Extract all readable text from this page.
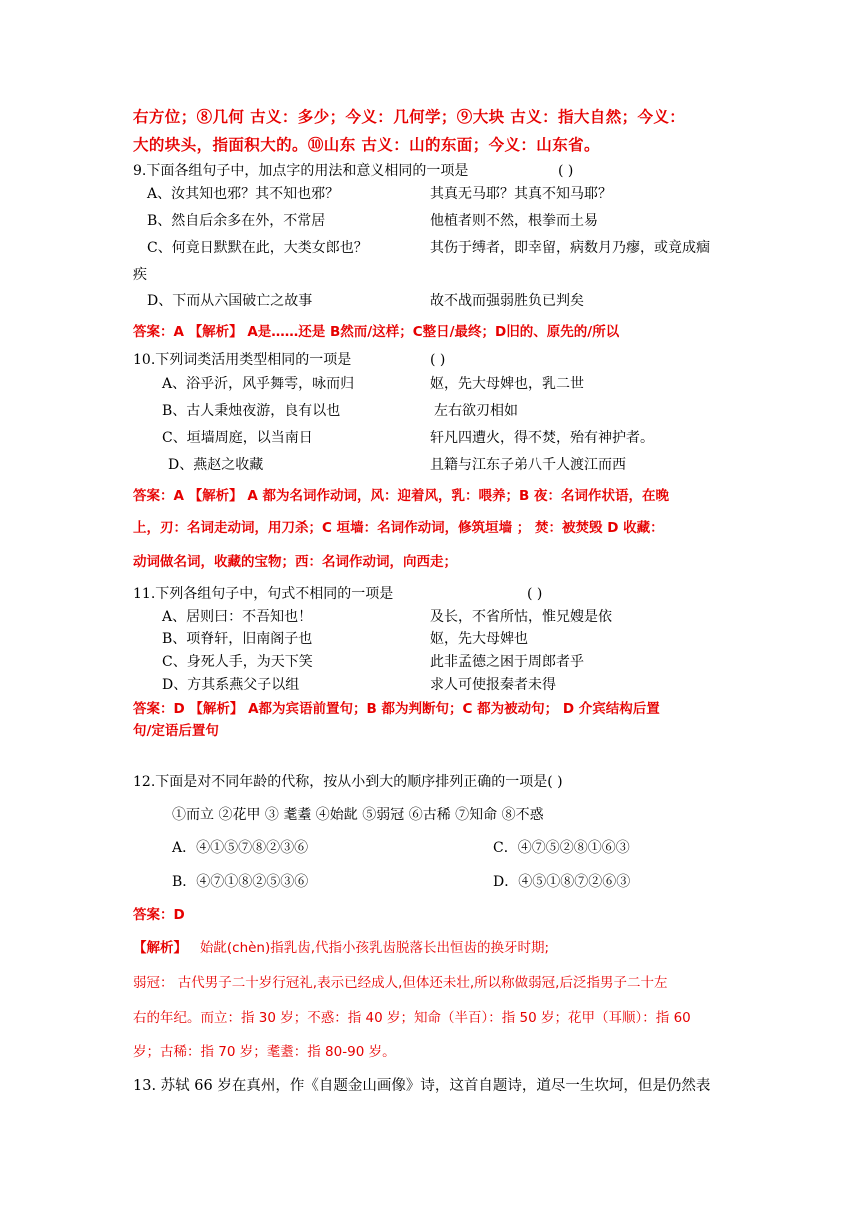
右方位；⑧几何 古义：多少；今义：几何学；⑨大块 古义：指大自然；今义：
大的块头，指面积大的。⑩山东 古义：山的东面；今义：山东省。
9.下面各组句子中，加点字的用法和意义相同的一项是	( )
A、汝其知也邪？其不知也邪？	其真无马耶？其真不知马耶？
B、然自后余多在外，不常居	他植者则不然，根拳而土易
C、何竟日默默在此，大类女郎也？	其伤于缚者，即幸留，病数月乃瘳，或竟成痼
疾
D、下而从六国破亡之故事	故不战而强弱胜负已判矣
答案：A 【解析】 A是……还是 B然而/这样；C整日/最终；D旧的、原先的/所以
10.下列词类活用类型相同的一项是	( )
A、浴乎沂，风乎舞雩，咏而归	妪，先大母婢也，乳二世
B、古人秉烛夜游，良有以也	左右欲刃相如
C、垣墙周庭，以当南日	轩凡四遭火，得不焚，殆有神护者。
D、燕赵之收藏	且籍与江东子弟八千人渡江而西
答案：A 【解析】 A 都为名词作动词，风：迎着风，乳：喂养；B 夜：名词作状语，在晚
上，刃：名词走动词，用刀杀；C 垣墙：名词作动词，修筑垣墙 ； 焚：被焚毁 D 收藏：
动词做名词，收藏的宝物；西：名词作动词，向西走；
11.下列各组句子中，句式不相同的一项是	( )
A、居则曰：不吾知也！	及长，不省所怙，惟兄嫂是依
B、项脊轩，旧南阁子也	妪，先大母婢也
C、身死人手，为天下笑	此非孟德之困于周郎者乎
D、方其系燕父子以组	求人可使报秦者未得
答案：D 【解析】 A都为宾语前置句；B 都为判断句；C 都为被动句； D 介宾结构后置
句/定语后置句
12.下面是对不同年龄的代称，按从小到大的顺序排列正确的一项是( )
①而立 ②花甲 ③ 耄耋 ④始龀 ⑤弱冠 ⑥古稀 ⑦知命 ⑧不惑
A．④①⑤⑦⑧②③⑥	C．④⑦⑤②⑧①⑥③
B．④⑦①⑧②⑤③⑥	D．④⑤①⑧⑦②⑥③
答案：D
【解析】 始龀(chèn)指乳齿,代指小孩乳齿脱落长出恒齿的换牙时期;
弱冠： 古代男子二十岁行冠礼,表示已经成人,但体还未壮,所以称做弱冠,后泛指男子二十左
右的年纪。而立：指 30 岁；不惑：指 40 岁；知命（半百）：指 50 岁；花甲（耳顺）：指 60
岁；古稀：指 70 岁；耄耋：指 80-90 岁。
13. 苏轼 66 岁在真州，作《自题金山画像》诗，这首自题诗，道尽一生坎坷，但是仍然表
